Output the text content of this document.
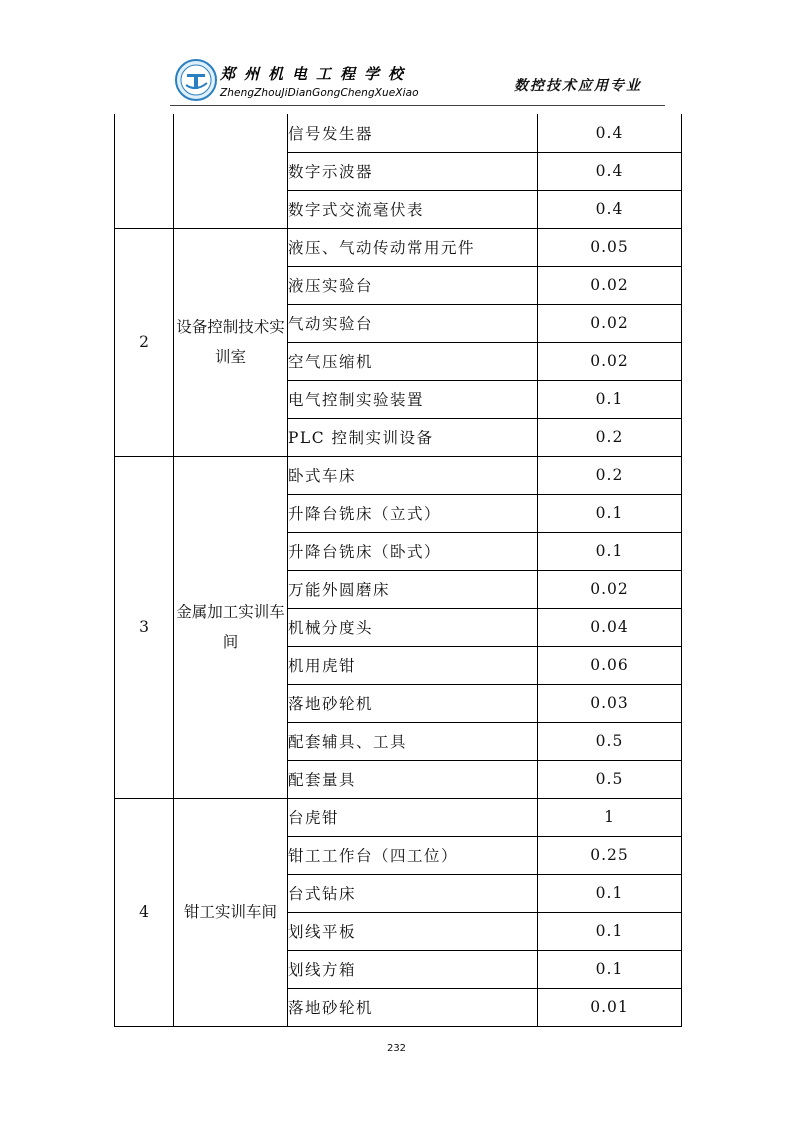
郑州机电工程学校
ZhengZhouJiDianGongChengXueXiao	数控技术应用专业
		信号发生器	0.4
		数字示波器	0.4
		数字式交流毫伏表	0.4
2	设备控制技术实训室	液压、气动传动常用元件	0.05
		液压实验台	0.02
		气动实验台	0.02
		空气压缩机	0.02
		电气控制实验装置	0.1
		PLC 控制实训设备	0.2
3	金属加工实训车间	卧式车床	0.2
		升降台铣床（立式）	0.1
		升降台铣床（卧式）	0.1
		万能外圆磨床	0.02
		机械分度头	0.04
		机用虎钳	0.06
		落地砂轮机	0.03
		配套辅具、工具	0.5
		配套量具	0.5
4	钳工实训车间	台虎钳	1
		钳工工作台（四工位）	0.25
		台式钻床	0.1
		划线平板	0.1
		划线方箱	0.1
		落地砂轮机	0.01
232
